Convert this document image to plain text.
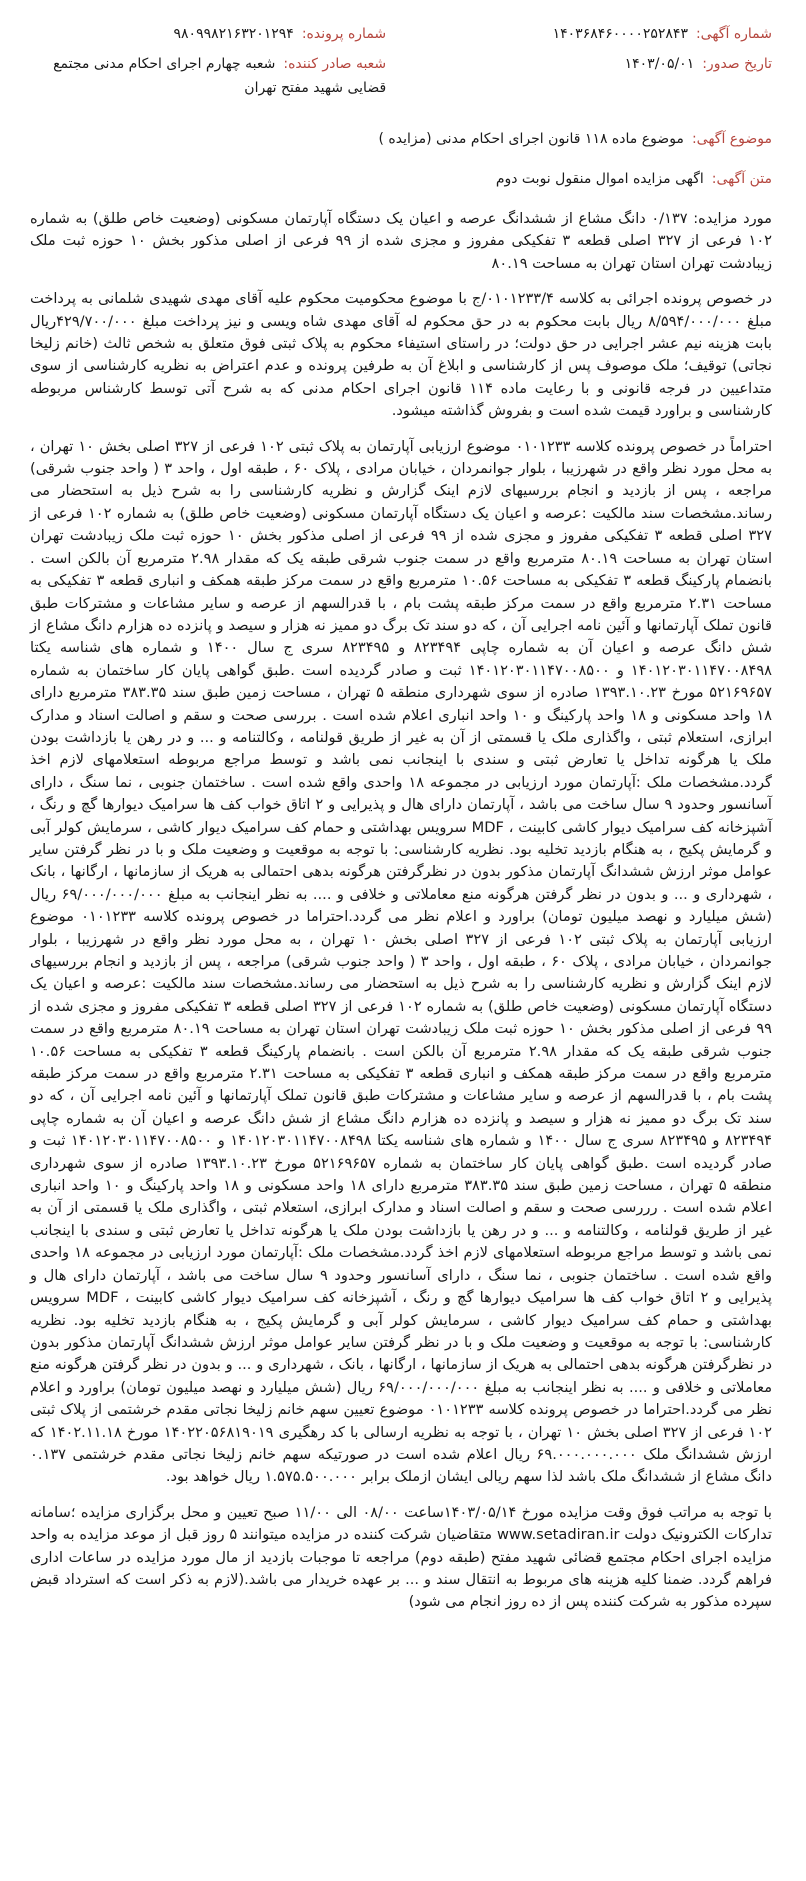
شماره آگهی:۱۴۰۳۶۸۴۶۰۰۰۰۲۵۲۸۴۳
تاریخ صدور:۱۴۰۳/۰۵/۰۱
شماره پرونده:۹۸۰۹۹۸۲۱۶۳۲۰۱۲۹۴
شعبه صادر کننده:شعبه چهارم اجرای احکام مدنی مجتمع قضایی شهید مفتح تهران
موضوع آگهی:موضوع ماده ۱۱۸ قانون اجرای احکام مدنی (مزایده )
متن آگهی:اگهی مزایده اموال منقول نوبت دوم

مورد مزایده: ۰/۱۳۷ دانگ مشاع از ششدانگ عرصه و اعیان یک دستگاه آپارتمان مسکونی (وضعیت خاص طلق) به شماره ۱۰۲ فرعی از ۳۲۷ اصلی قطعه ۳ تفکیکی مفروز و مجزی شده از ۹۹ فرعی از اصلی مذکور بخش ۱۰ حوزه ثبت ملک زیبادشت تهران استان تهران به مساحت ۸۰.۱۹

در خصوص پرونده اجرائی به کلاسه ۰۱۰۱۲۳۳/۴/ج با موضوع محکومیت محکوم علیه آقای مهدی شهیدی شلمانی به پرداخت مبلغ ۸/۵۹۴/۰۰۰/۰۰۰ ریال بابت محکوم به در حق محکوم له آقای مهدی شاه ویسی و نیز پرداخت مبلغ ۴۲۹/۷۰۰/۰۰۰ریال بابت هزینه نیم عشر اجرایی در حق دولت؛ در راستای استیفاء محکوم به پلاک ثبتی فوق متعلق به شخص ثالث (خانم زلیخا نجاتی) توقیف؛ ملک موصوف پس از کارشناسی و ابلاغ آن به طرفین پرونده و عدم اعتراض به نظریه کارشناسی از سوی متداعیین در فرجه قانونی و با رعایت ماده ۱۱۴ قانون اجرای احکام مدنی که به شرح آتی توسط کارشناس مربوطه کارشناسی و براورد قیمت شده است و بفروش گذاشته میشود.

احتراماً در خصوص پرونده کلاسه ۰۱۰۱۲۳۳ موضوع ارزیابی آپارتمان به پلاک ثبتی ۱۰۲ فرعی از ۳۲۷ اصلی بخش ۱۰ تهران ، به محل مورد نظر واقع در شهرزیبا ، بلوار جوانمردان ، خیابان مرادی ، پلاک ۶۰ ، طبقه اول ، واحد ۳ ( واحد جنوب شرقی) مراجعه ، پس از بازدید و انجام بررسیهای لازم اینک گزارش و نظریه کارشناسی را به شرح ذیل به استحضار می رساند.مشخصات سند مالکیت :عرصه و اعیان یک دستگاه آپارتمان مسکونی (وضعیت خاص طلق) به شماره ۱۰۲ فرعی از ۳۲۷ اصلی قطعه ۳ تفکیکی مفروز و مجزی شده از ۹۹ فرعی از اصلی مذکور بخش ۱۰ حوزه ثبت ملک زیبادشت تهران استان تهران به مساحت ۸۰.۱۹ مترمربع واقع در سمت جنوب شرقی طبقه یک که مقدار ۲.۹۸ مترمربع آن بالکن است . بانضمام پارکینگ قطعه ۳ تفکیکی به مساحت ۱۰.۵۶ مترمربع واقع در سمت مرکز طبقه همکف و انباری قطعه ۳ تفکیکی به مساحت ۲.۳۱ مترمربع واقع در سمت مرکز طبقه پشت بام ، با قدرالسهم از عرصه و سایر مشاعات و مشترکات طبق قانون تملک آپارتمانها و آئین نامه اجرایی آن ، که دو سند تک برگ دو ممیز نه هزار و سیصد و پانزده ده هزارم دانگ مشاع از شش دانگ عرصه و اعیان آن به شماره چاپی ۸۲۳۴۹۴ و ۸۲۳۴۹۵ سری ج سال ۱۴۰۰ و شماره های شناسه یکتا ۱۴۰۱۲۰۳۰۱۱۴۷۰۰۸۴۹۸ و ۱۴۰۱۲۰۳۰۱۱۴۷۰۰۸۵۰۰ ثبت و صادر گردیده است .طبق گواهی پایان کار ساختمان به شماره ۵۲۱۶۹۶۵۷ مورخ ۱۳۹۳.۱۰.۲۳ صادره از سوی شهرداری منطقه ۵ تهران ، مساحت زمین طبق سند ۳۸۳.۳۵ مترمربع دارای ۱۸ واحد مسکونی و ۱۸ واحد پارکینگ و ۱۰ واحد انباری اعلام شده است . بررسی صحت و سقم و اصالت اسناد و مدارک ابرازی، استعلام ثبتی ، واگذاری ملک یا قسمتی از آن به غیر از طریق قولنامه ، وکالتنامه و ... و در رهن یا بازداشت بودن ملک یا هرگونه تداخل یا تعارض ثبتی و سندی با اینجانب نمی باشد و توسط مراجع مربوطه استعلامهای لازم اخذ گردد.مشخصات ملک :آپارتمان مورد ارزیابی در مجموعه ۱۸ واحدی واقع شده است . ساختمان جنوبی ، نما سنگ ، دارای آسانسور وحدود ۹ سال ساخت می باشد ، آپارتمان دارای هال و پذیرایی و ۲ اتاق خواب کف ها سرامیک دیوارها گچ و رنگ ، آشپزخانه کف سرامیک دیوار کاشی کابینت ، MDF سرویس بهداشتی و حمام کف سرامیک دیوار کاشی ، سرمایش کولر آبی و گرمایش پکیج ، به هنگام بازدید تخلیه بود. نظریه کارشناسی: با توجه به موقعیت و وضعیت ملک و با در نظر گرفتن سایر عوامل موثر ارزش ششدانگ آپارتمان مذکور بدون در نظرگرفتن هرگونه بدهی احتمالی به هریک از سازمانها ، ارگانها ، بانک ، شهرداری و ... و بدون در نظر گرفتن هرگونه منع معاملاتی و خلافی و .... به نظر اینجانب به مبلغ ۶۹/۰۰۰/۰۰۰/۰۰۰ ریال (شش میلیارد و نهصد میلیون تومان) براورد و اعلام نظر می گردد.احتراما در خصوص پرونده کلاسه ۰۱۰۱۲۳۳ موضوع ارزیابی آپارتمان به پلاک ثبتی ۱۰۲ فرعی از ۳۲۷ اصلی بخش ۱۰ تهران ، به محل مورد نظر واقع در شهرزیبا ، بلوار جوانمردان ، خیابان مرادی ، پلاک ۶۰ ، طبقه اول ، واحد ۳ ( واحد جنوب شرقی) مراجعه ، پس از بازدید و انجام بررسیهای لازم اینک گزارش و نظریه کارشناسی را به شرح ذیل به استحضار می رساند.مشخصات سند مالکیت :عرصه و اعیان یک دستگاه آپارتمان مسکونی (وضعیت خاص طلق) به شماره ۱۰۲ فرعی از ۳۲۷ اصلی قطعه ۳ تفکیکی مفروز و مجزی شده از ۹۹ فرعی از اصلی مذکور بخش ۱۰ حوزه ثبت ملک زیبادشت تهران استان تهران به مساحت ۸۰.۱۹ مترمربع واقع در سمت جنوب شرقی طبقه یک که مقدار ۲.۹۸ مترمربع آن بالکن است . بانضمام پارکینگ قطعه ۳ تفکیکی به مساحت ۱۰.۵۶ مترمربع واقع در سمت مرکز طبقه همکف و انباری قطعه ۳ تفکیکی به مساحت ۲.۳۱ مترمربع واقع در سمت مرکز طبقه پشت بام ، با قدرالسهم از عرصه و سایر مشاعات و مشترکات طبق قانون تملک آپارتمانها و آئین نامه اجرایی آن ، که دو سند تک برگ دو ممیز نه هزار و سیصد و پانزده ده هزارم دانگ مشاع از شش دانگ عرصه و اعیان آن به شماره چاپی ۸۲۳۴۹۴ و ۸۲۳۴۹۵ سری ج سال ۱۴۰۰ و شماره های شناسه یکتا ۱۴۰۱۲۰۳۰۱۱۴۷۰۰۸۴۹۸ و ۱۴۰۱۲۰۳۰۱۱۴۷۰۰۸۵۰۰ ثبت و صادر گردیده است .طبق گواهی پایان کار ساختمان به شماره ۵۲۱۶۹۶۵۷ مورخ ۱۳۹۳.۱۰.۲۳ صادره از سوی شهرداری منطقه ۵ تهران ، مساحت زمین طبق سند ۳۸۳.۳۵ مترمربع دارای ۱۸ واحد مسکونی و ۱۸ واحد پارکینگ و ۱۰ واحد انباری اعلام شده است . رررسی صحت و سقم و اصالت اسناد و مدارک ابرازی، استعلام ثبتی ، واگذاری ملک یا قسمتی از آن به غیر از طریق قولنامه ، وکالتنامه و ... و در رهن یا بازداشت بودن ملک یا هرگونه تداخل یا تعارض ثبتی و سندی با اینجانب نمی باشد و توسط مراجع مربوطه استعلامهای لازم اخذ گردد.مشخصات ملک :آپارتمان مورد ارزیابی در مجموعه ۱۸ واحدی واقع شده است . ساختمان جنوبی ، نما سنگ ، دارای آسانسور وحدود ۹ سال ساخت می باشد ، آپارتمان دارای هال و پذیرایی و ۲ اتاق خواب کف ها سرامیک دیوارها گچ و رنگ ، آشپزخانه کف سرامیک دیوار کاشی کابینت ، MDF سرویس بهداشتی و حمام کف سرامیک دیوار کاشی ، سرمایش کولر آبی و گرمایش پکیج ، به هنگام بازدید تخلیه بود. نظریه کارشناسی: با توجه به موقعیت و وضعیت ملک و با در نظر گرفتن سایر عوامل موثر ارزش ششدانگ آپارتمان مذکور بدون در نظرگرفتن هرگونه بدهی احتمالی به هریک از سازمانها ، ارگانها ، بانک ، شهرداری و ... و بدون در نظر گرفتن هرگونه منع معاملاتی و خلافی و .... به نظر اینجانب به مبلغ ۶۹/۰۰۰/۰۰۰/۰۰۰ ریال (شش میلیارد و نهصد میلیون تومان) براورد و اعلام نظر می گردد.احتراما در خصوص پرونده کلاسه ۰۱۰۱۲۳۳ موضوع تعیین سهم خانم زلیخا نجاتی مقدم خرشتمی از پلاک ثبتی ۱۰۲ فرعی از ۳۲۷ اصلی بخش ۱۰ تهران ، با توجه به نظریه ارسالی با کد رهگیری ۱۴۰۲۲۰۵۶۸۱۹۰۱۹ مورخ ۱۴۰۲.۱۱.۱۸ که ارزش ششدانگ ملک ۶۹.۰۰۰.۰۰۰.۰۰۰ ریال اعلام شده است در صورتیکه سهم خانم زلیخا نجاتی مقدم خرشتمی ۰.۱۳۷ دانگ مشاع از ششدانگ ملک باشد لذا سهم ریالی ایشان ازملک برابر ۱.۵۷۵.۵۰۰.۰۰۰ ریال خواهد بود.

با توجه به مراتب فوق وقت مزایده مورخ ۱۴۰۳/۰۵/۱۴ساعت ۰۸/۰۰ الی ۱۱/۰۰ صبح تعیین و محل برگزاری مزایده ؛سامانه تدارکات الکترونیک دولت www.setadiran.ir متقاضیان شرکت کننده در مزایده میتوانند ۵ روز قبل از موعد مزایده به واحد مزایده اجرای احکام مجتمع قضائی شهید مفتح (طبقه دوم) مراجعه تا موجبات بازدید از مال مورد مزایده در ساعات اداری فراهم گردد. ضمنا کلیه هزینه های مربوط به انتقال سند و ... بر عهده خریدار می باشد.(لازم به ذکر است که استرداد قبض سپرده مذکور به شرکت کننده پس از ده روز انجام می شود)
